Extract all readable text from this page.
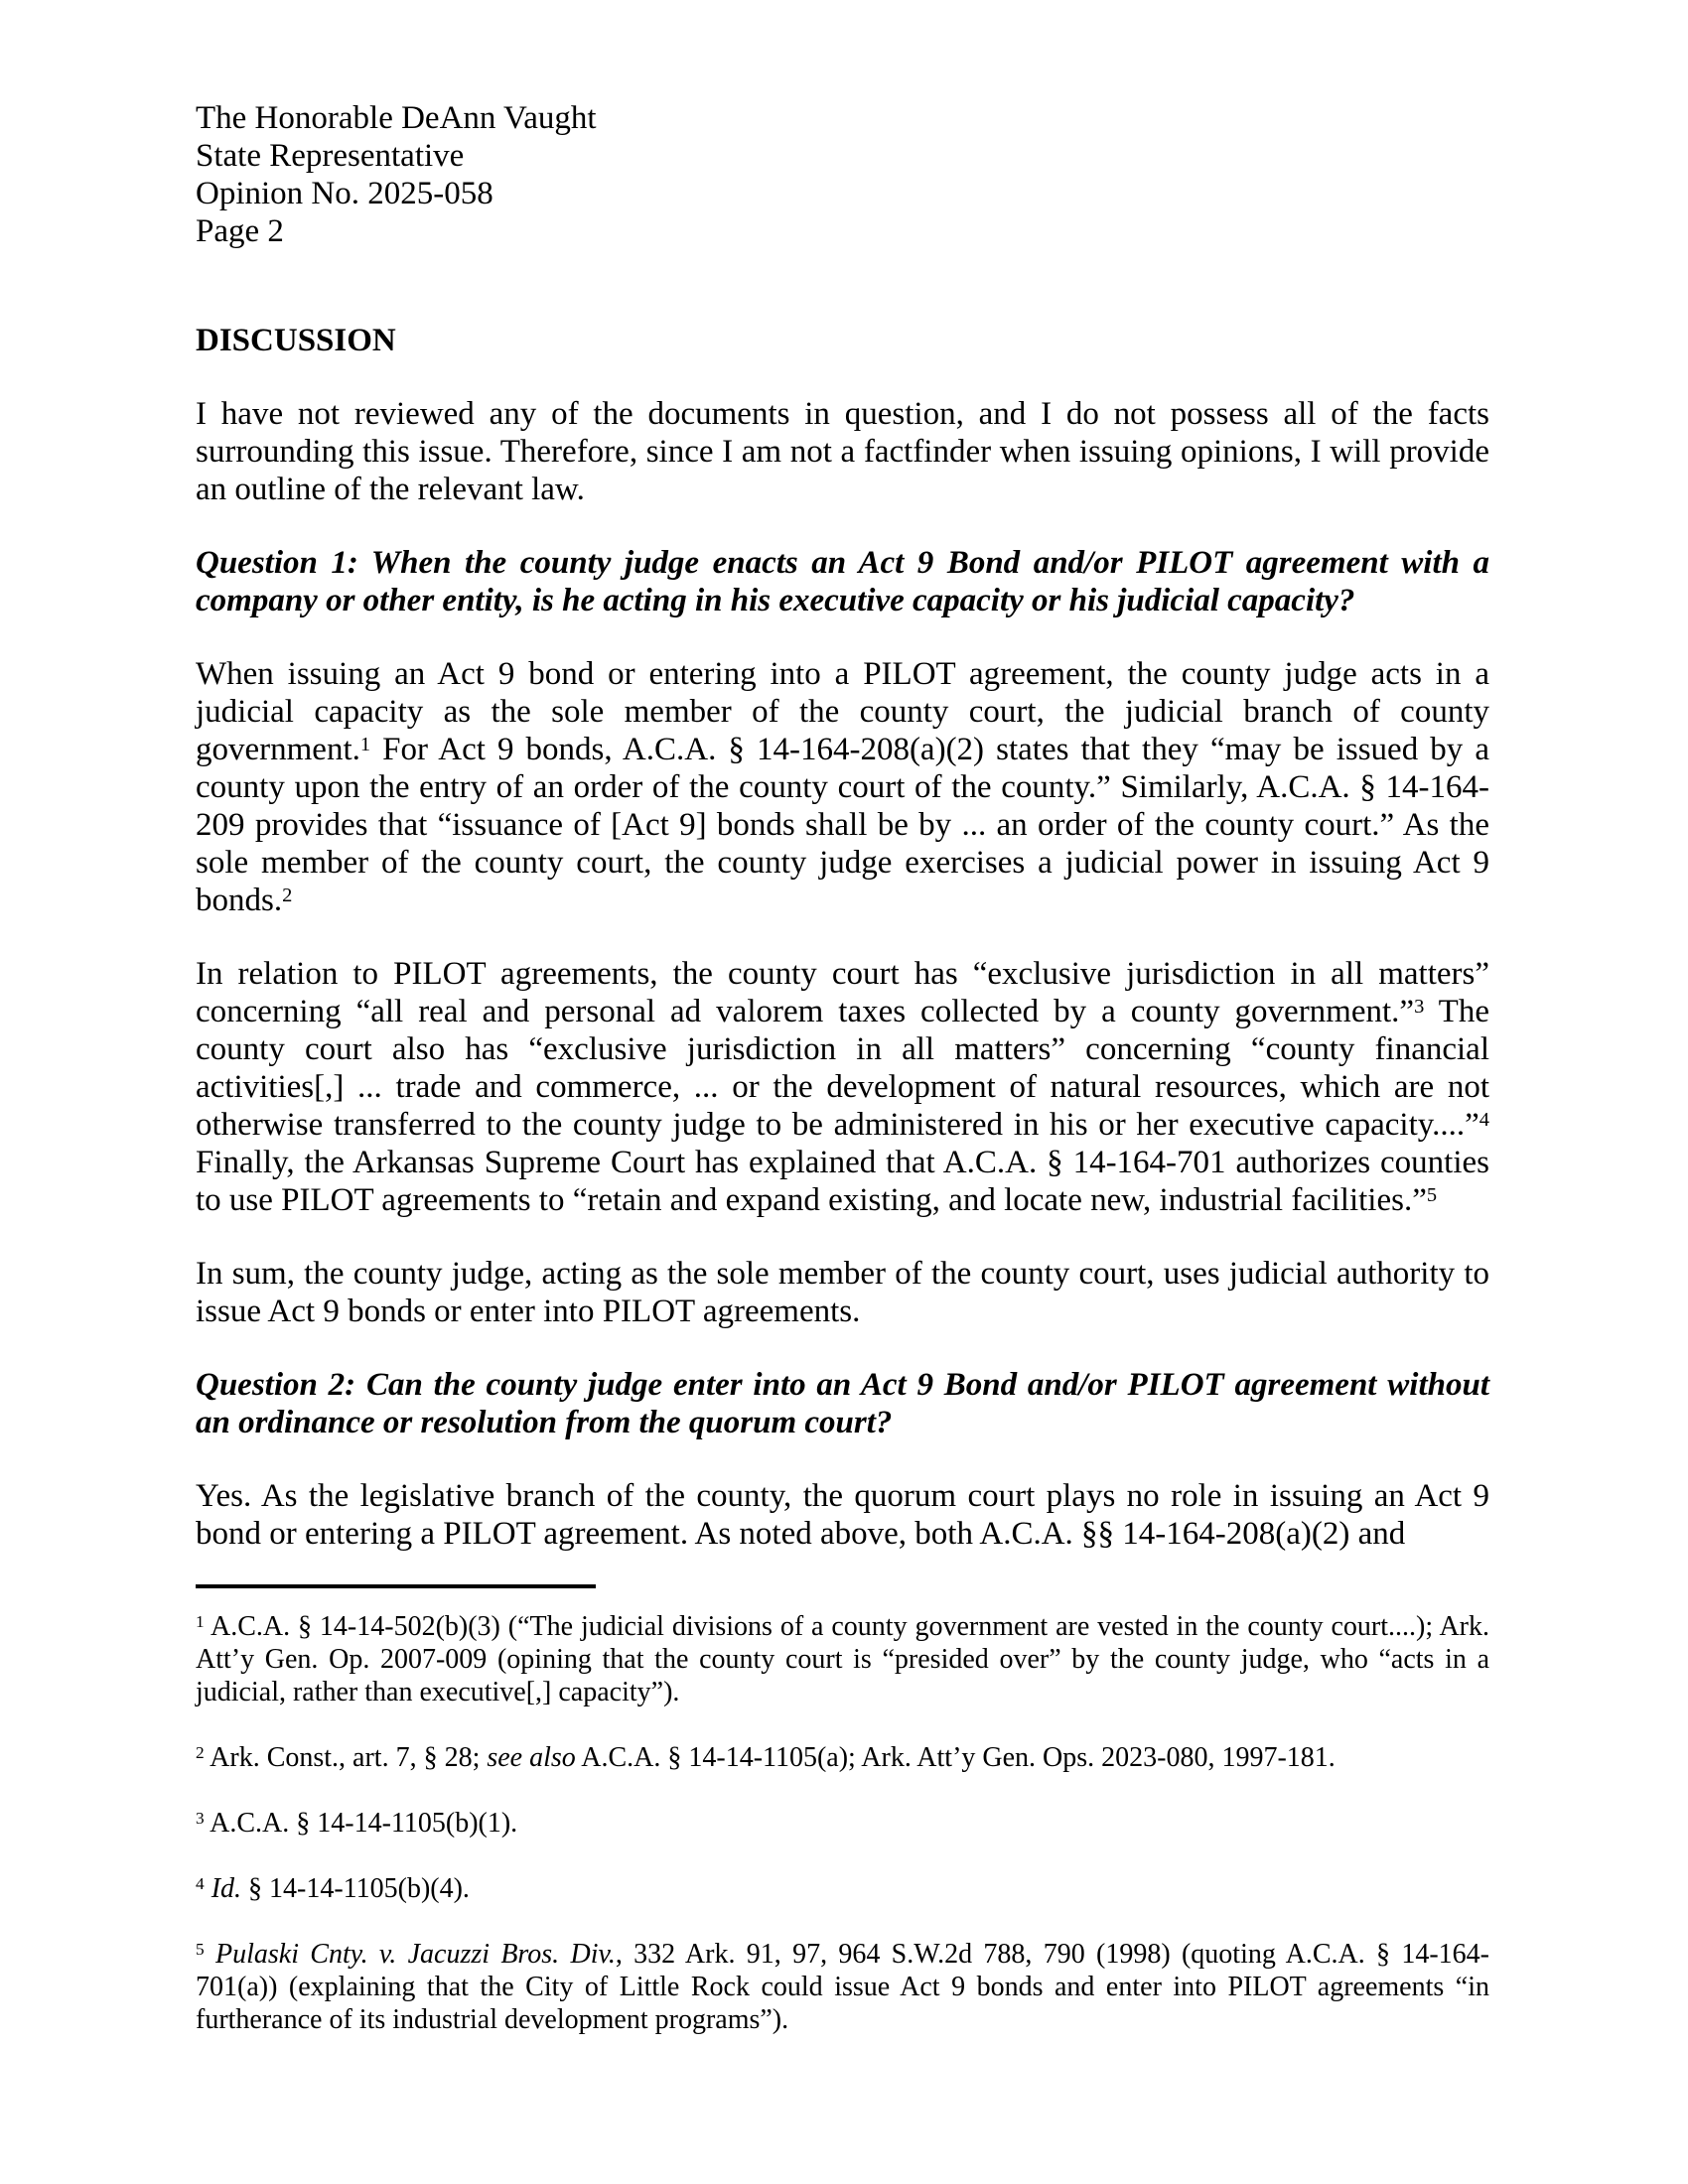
The Honorable DeAnn Vaught
State Representative
Opinion No. 2025-058
Page 2
DISCUSSION

I have not reviewed any of the documents in question, and I do not possess all of the facts surrounding this issue. Therefore, since I am not a factfinder when issuing opinions, I will provide an outline of the relevant law.

Question 1: When the county judge enacts an Act 9 Bond and/or PILOT agreement with a company or other entity, is he acting in his executive capacity or his judicial capacity?

When issuing an Act 9 bond or entering into a PILOT agreement, the county judge acts in a judicial capacity as the sole member of the county court, the judicial branch of county government.$^1$ For Act 9 bonds, A.C.A. § 14-164-208(a)(2) states that they “may be issued by a county upon the entry of an order of the county court of the county.” Similarly, A.C.A. § 14-164-209 provides that “issuance of [Act 9] bonds shall be by ... an order of the county court.” As the sole member of the county court, the county judge exercises a judicial power in issuing Act 9 bonds.$^2$

In relation to PILOT agreements, the county court has “exclusive jurisdiction in all matters” concerning “all real and personal ad valorem taxes collected by a county government.”$^3$ The county court also has “exclusive jurisdiction in all matters” concerning “county financial activities[,] ... trade and commerce, ... or the development of natural resources, which are not otherwise transferred to the county judge to be administered in his or her executive capacity....”$^4$ Finally, the Arkansas Supreme Court has explained that A.C.A. § 14-164-701 authorizes counties to use PILOT agreements to “retain and expand existing, and locate new, industrial facilities.”$^5$

In sum, the county judge, acting as the sole member of the county court, uses judicial authority to issue Act 9 bonds or enter into PILOT agreements.

Question 2: Can the county judge enter into an Act 9 Bond and/or PILOT agreement without an ordinance or resolution from the quorum court?

Yes. As the legislative branch of the county, the quorum court plays no role in issuing an Act 9 bond or entering a PILOT agreement. As noted above, both A.C.A. §§ 14-164-208(a)(2) and

$^1$ A.C.A. § 14-14-502(b)(3) (“The judicial divisions of a county government are vested in the county court....); Ark. Att’y Gen. Op. 2007-009 (opining that the county court is “presided over” by the county judge, who “acts in a judicial, rather than executive[,] capacity”).

$^2$ Ark. Const., art. 7, § 28; see also A.C.A. § 14-14-1105(a); Ark. Att’y Gen. Ops. 2023-080, 1997-181.

$^3$ A.C.A. § 14-14-1105(b)(1).

$^4$ Id. § 14-14-1105(b)(4).

$^5$ Pulaski Cnty. v. Jacuzzi Bros. Div., 332 Ark. 91, 97, 964 S.W.2d 788, 790 (1998) (quoting A.C.A. § 14-164-701(a)) (explaining that the City of Little Rock could issue Act 9 bonds and enter into PILOT agreements “in furtherance of its industrial development programs”).
